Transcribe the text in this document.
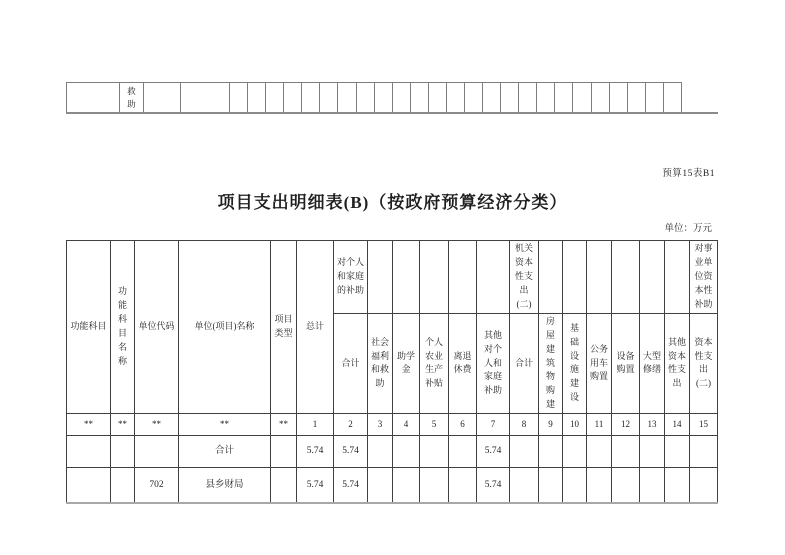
	救助																											
预算15表B1
项目支出明细表(B)（按政府预算经济分类）
单位：万元
功能科目	功能科目名称	单位代码	单位(项目)名称	项目类型	总计	对个人和家庭的补助						机关资本性支出(二)							对事业单位资本性补助
						合计	社会福利和救助	助学金	个人农业生产补贴	离退休费	其他对个人和家庭补助	合计	房屋建筑物购建	基础设施建设	公务用车购置	设备购置	大型修缮	其他资本性支出	资本性支出(二)
**	**	**	**	**	1	2	3	4	5	6	7	8	9	10	11	12	13	14	15
			合计		5.74	5.74					5.74								
		702	县乡财局		5.74	5.74					5.74								
